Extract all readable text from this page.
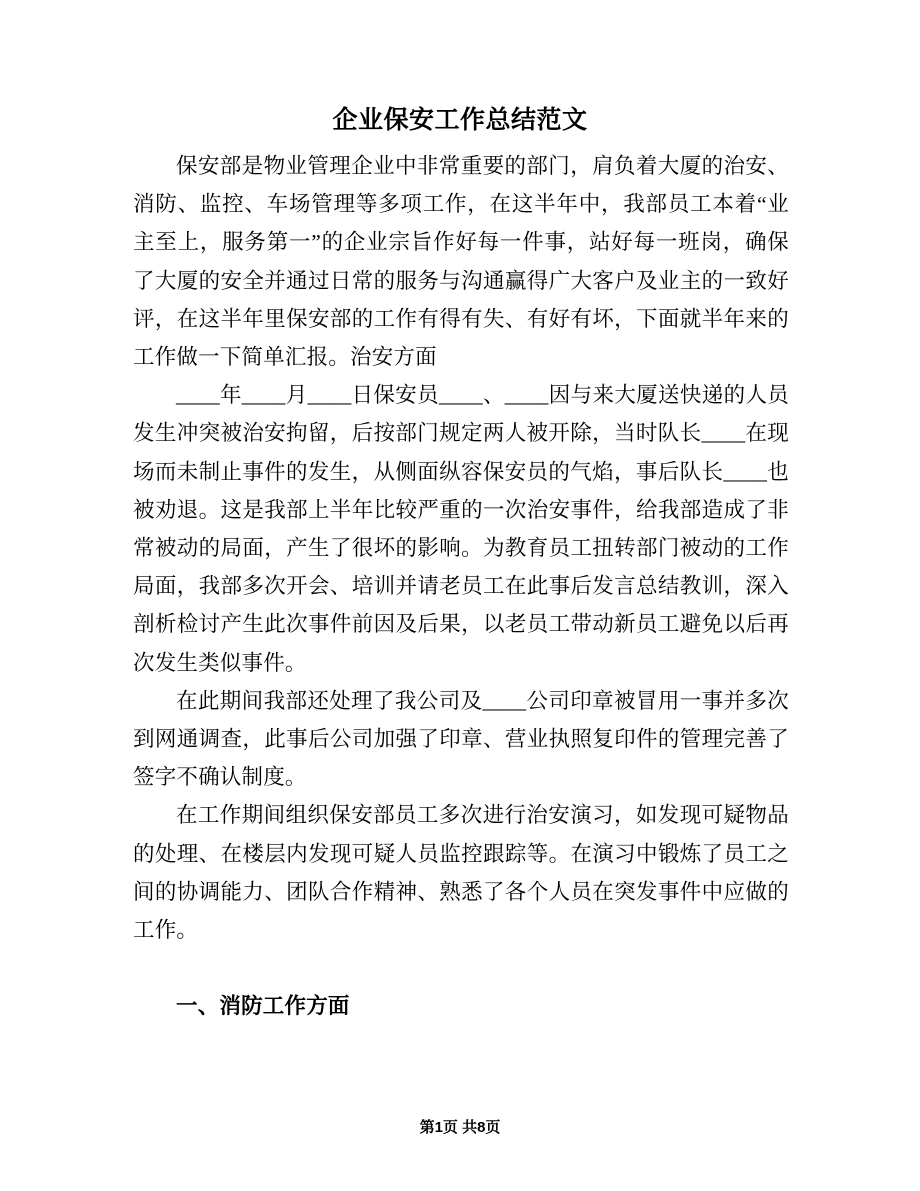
企业保安工作总结范文

保安部是物业管理企业中非常重要的部门，肩负着大厦的治安、消防、监控、车场管理等多项工作，在这半年中，我部员工本着“业主至上，服务第一”的企业宗旨作好每一件事，站好每一班岗，确保了大厦的安全并通过日常的服务与沟通赢得广大客户及业主的一致好评，在这半年里保安部的工作有得有失、有好有坏，下面就半年来的工作做一下简单汇报。治安方面

____年____月____日保安员____、____因与来大厦送快递的人员发生冲突被治安拘留，后按部门规定两人被开除，当时队长____在现场而未制止事件的发生，从侧面纵容保安员的气焰，事后队长____也被劝退。这是我部上半年比较严重的一次治安事件，给我部造成了非常被动的局面，产生了很坏的影响。为教育员工扭转部门被动的工作局面，我部多次开会、培训并请老员工在此事后发言总结教训，深入剖析检讨产生此次事件前因及后果，以老员工带动新员工避免以后再次发生类似事件。

在此期间我部还处理了我公司及____公司印章被冒用一事并多次到网通调查，此事后公司加强了印章、营业执照复印件的管理完善了签字不确认制度。

在工作期间组织保安部员工多次进行治安演习，如发现可疑物品的处理、在楼层内发现可疑人员监控跟踪等。在演习中锻炼了员工之间的协调能力、团队合作精神、熟悉了各个人员在突发事件中应做的工作。

一、消防工作方面

第1页 共8页
